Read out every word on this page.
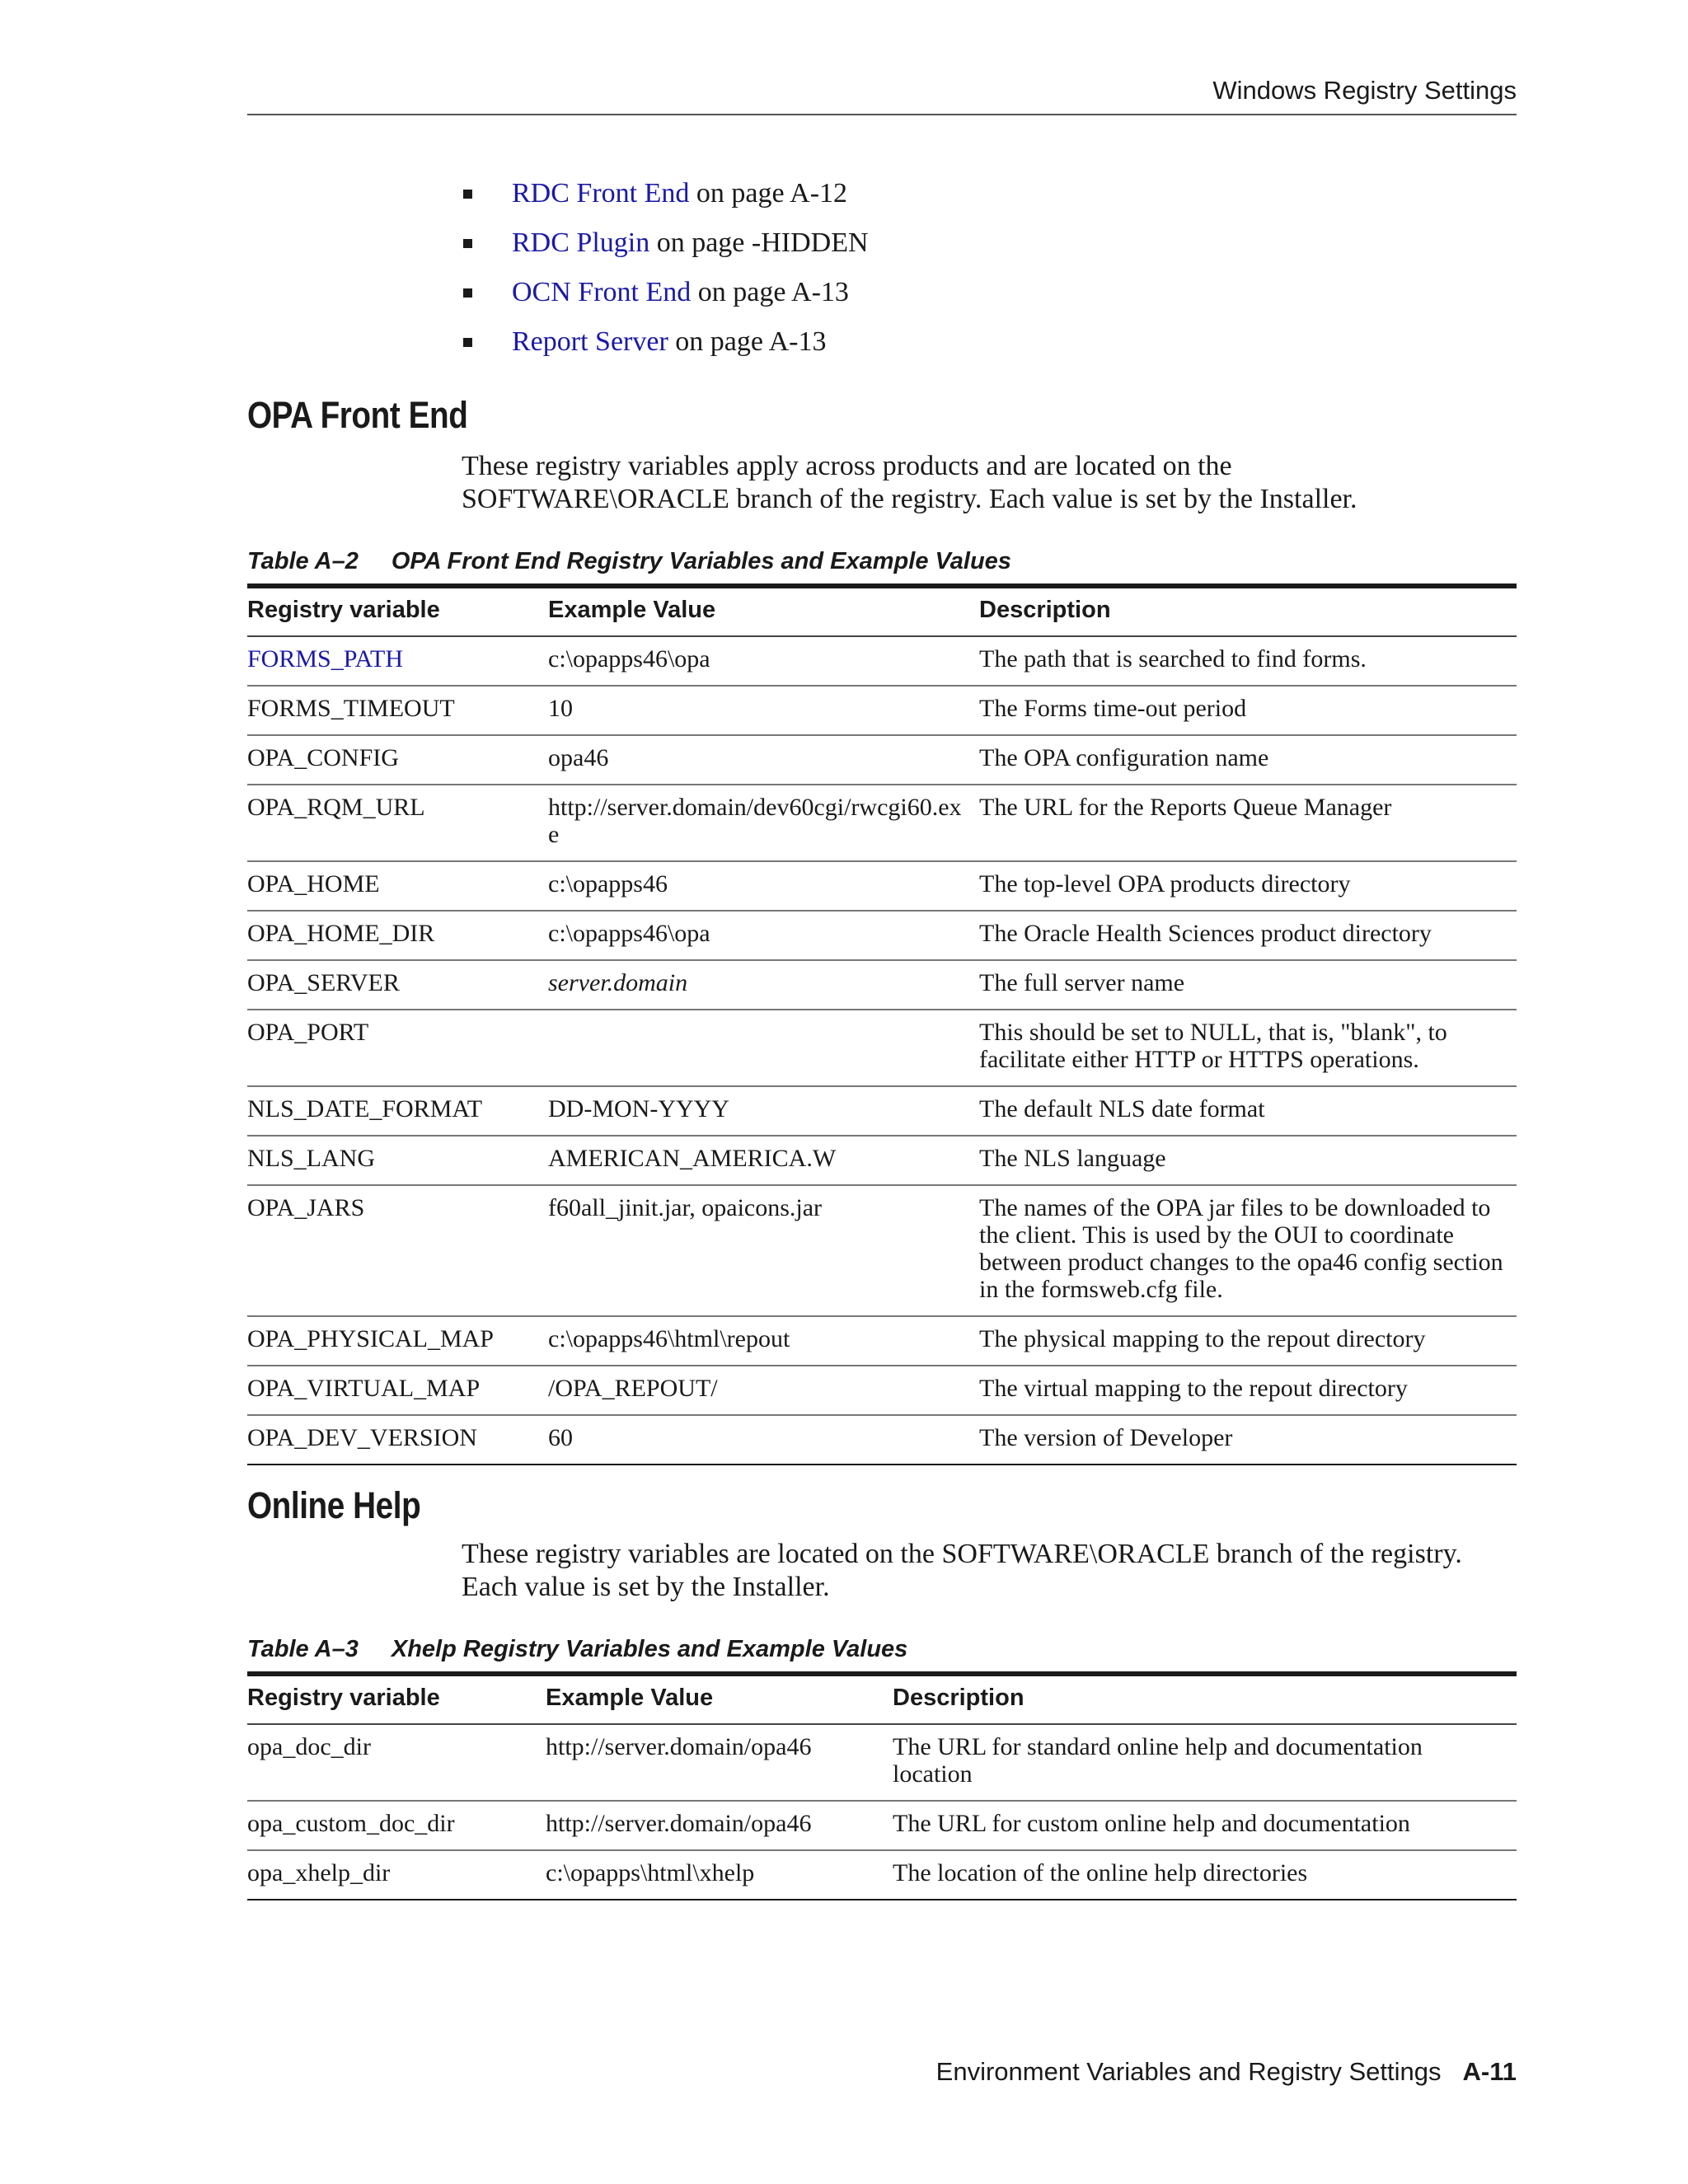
Windows Registry Settings
RDC Front End
on page A-12
RDC Plugin
on page -HIDDEN
OCN Front End
on page A-13
Report Server
on page A-13
OPA Front End
These registry variables apply across products and are located on the SOFTWARE\ORACLE branch of the registry. Each value is set by the Installer.
Table A–2 OPA Front End Registry Variables and Example Values
Registry variable	Example Value	Description
FORMS_PATH	c:\opapps46\opa	The path that is searched to find forms.
FORMS_TIMEOUT	10	The Forms time-out period
OPA_CONFIG	opa46	The OPA configuration name
OPA_RQM_URL	http://server.domain/dev60cgi/rwcgi60.exe	The URL for the Reports Queue Manager
OPA_HOME	c:\opapps46	The top-level OPA products directory
OPA_HOME_DIR	c:\opapps46\opa	The Oracle Health Sciences product directory
OPA_SERVER	server.domain	The full server name
OPA_PORT		This should be set to NULL, that is, "blank", to facilitate either HTTP or HTTPS operations.
NLS_DATE_FORMAT	DD-MON-YYYY	The default NLS date format
NLS_LANG	AMERICAN_AMERICA.W	The NLS language
OPA_JARS	f60all_jinit.jar, opaicons.jar	The names of the OPA jar files to be downloaded to the client. This is used by the OUI to coordinate between product changes to the opa46 config section in the formsweb.cfg file.
OPA_PHYSICAL_MAP	c:\opapps46\html\repout	The physical mapping to the repout directory
OPA_VIRTUAL_MAP	/OPA_REPOUT/	The virtual mapping to the repout directory
OPA_DEV_VERSION	60	The version of Developer
Online Help
These registry variables are located on the SOFTWARE\ORACLE branch of the registry. Each value is set by the Installer.
Table A–3 Xhelp Registry Variables and Example Values
Registry variable	Example Value	Description
opa_doc_dir	http://server.domain/opa46	The URL for standard online help and documentation location
opa_custom_doc_dir	http://server.domain/opa46	The URL for custom online help and documentation
opa_xhelp_dir	c:\opapps\html\xhelp	The location of the online help directories
Environment Variables and Registry Settings A-11
